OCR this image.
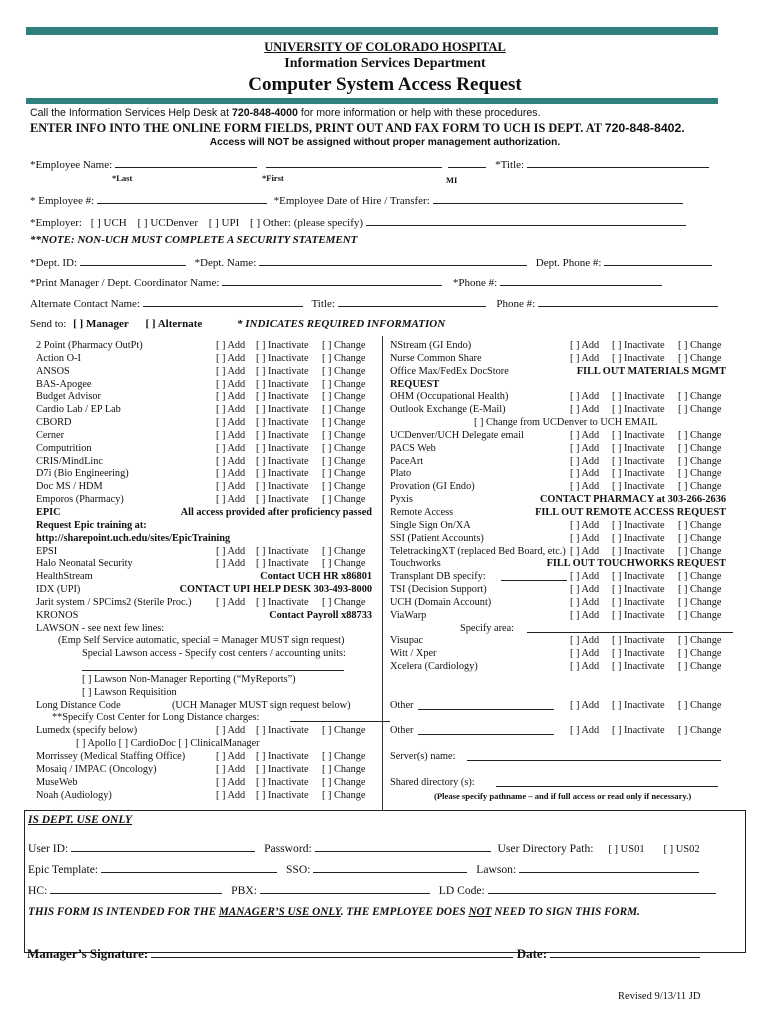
UNIVERSITY OF COLORADO HOSPITAL
Information Services Department
Computer System Access Request
Call the Information Services Help Desk at 720-848-4000 for more information or help with these procedures.
ENTER INFO INTO THE ONLINE FORM FIELDS, PRINT OUT AND FAX FORM TO UCH IS DEPT. AT 720-848-8402.
Access will NOT be assigned without proper management authorization.
*Employee Name:	*Title:
*Last	*First	MI
* Employee #:	*Employee Date of Hire / Transfer:
*Employer: [ ] UCH [ ] UCDenver [ ] UPI [ ] Other: (please specify)
**NOTE: NON-UCH MUST COMPLETE A SECURITY STATEMENT
*Dept. ID:	*Dept. Name:	Dept. Phone #:
*Print Manager / Dept. Coordinator Name:	*Phone #:
Alternate Contact Name:	Title:	Phone #:
Send to: [ ] Manager [ ] Alternate	* INDICATES REQUIRED INFORMATION
2 Point (Pharmacy OutPt)	[ ] Add [ ] Inactivate [ ] Change
Action O-I	[ ] Add [ ] Inactivate [ ] Change
ANSOS	[ ] Add [ ] Inactivate [ ] Change
BAS-Apogee	[ ] Add [ ] Inactivate [ ] Change
Budget Advisor	[ ] Add [ ] Inactivate [ ] Change
Cardio Lab / EP Lab	[ ] Add [ ] Inactivate [ ] Change
CBORD	[ ] Add [ ] Inactivate [ ] Change
Cerner	[ ] Add [ ] Inactivate [ ] Change
Computrition	[ ] Add [ ] Inactivate [ ] Change
CRIS/MindLinc	[ ] Add [ ] Inactivate [ ] Change
D7i (Bio Engineering)	[ ] Add [ ] Inactivate [ ] Change
Doc MS / HDM	[ ] Add [ ] Inactivate [ ] Change
Emporos (Pharmacy)	[ ] Add [ ] Inactivate [ ] Change
EPIC	All access provided after proficiency passed
Request Epic training at:
http://sharepoint.uch.edu/sites/EpicTraining
EPSI	[ ] Add [ ] Inactivate [ ] Change
Halo Neonatal Security	[ ] Add [ ] Inactivate [ ] Change
HealthStream	Contact UCH HR x86801
IDX (UPI)	CONTACT UPI HELP DESK 303-493-8000
Jarit system / SPCims2 (Sterile Proc.) [ ] Add [ ] Inactivate [ ] Change
KRONOS	Contact Payroll x88733
LAWSON - see next few lines:
(Emp Self Service automatic, special = Manager MUST sign request)
Special Lawson access - Specify cost centers / accounting units:
[ ] Lawson Non-Manager Reporting (“MyReports”)
[ ] Lawson Requisition
Long Distance Code	(UCH Manager MUST sign request below)
**Specify Cost Center for Long Distance charges:
Lumedx (specify below)	[ ] Add [ ] Inactivate [ ] Change
[ ] Apollo [ ] CardioDoc [ ] ClinicalManager
Morrissey (Medical Staffing Office)	[ ] Add [ ] Inactivate [ ] Change
Mosaiq / IMPAC (Oncology)	[ ] Add [ ] Inactivate [ ] Change
MuseWeb	[ ] Add [ ] Inactivate [ ] Change
Noah (Audiology)	[ ] Add [ ] Inactivate [ ] Change
NStream (GI Endo)	[ ] Add [ ] Inactivate [ ] Change
Nurse Common Share	[ ] Add [ ] Inactivate [ ] Change
Office Max/FedEx DocStore	FILL OUT MATERIALS MGMT
REQUEST
OHM (Occupational Health)	[ ] Add [ ] Inactivate [ ] Change
Outlook Exchange (E-Mail)	[ ] Add [ ] Inactivate [ ] Change
[ ] Change from UCDenver to UCH EMAIL
UCDenver/UCH Delegate email	[ ] Add [ ] Inactivate [ ] Change
PACS Web	[ ] Add [ ] Inactivate [ ] Change
PaceArt	[ ] Add [ ] Inactivate [ ] Change
Plato	[ ] Add [ ] Inactivate [ ] Change
Provation (GI Endo)	[ ] Add [ ] Inactivate [ ] Change
Pyxis	CONTACT PHARMACY at 303-266-2636
Remote Access	FILL OUT REMOTE ACCESS REQUEST
Single Sign On/XA	[ ] Add [ ] Inactivate [ ] Change
SSI (Patient Accounts)	[ ] Add [ ] Inactivate [ ] Change
TeletrackingXT (replaced Bed Board, etc.) [ ] Add [ ] Inactivate [ ] Change
Touchworks	FILL OUT TOUCHWORKS REQUEST
Transplant DB specify:	[ ] Add [ ] Inactivate [ ] Change
TSI (Decision Support)	[ ] Add [ ] Inactivate [ ] Change
UCH (Domain Account)	[ ] Add [ ] Inactivate [ ] Change
ViaWarp	[ ] Add [ ] Inactivate [ ] Change
Specify area:
Visupac	[ ] Add [ ] Inactivate [ ] Change
Witt / Xper	[ ] Add [ ] Inactivate [ ] Change
Xcelera (Cardiology)	[ ] Add [ ] Inactivate [ ] Change
Other	[ ] Add [ ] Inactivate [ ] Change
Other	[ ] Add [ ] Inactivate [ ] Change
Server(s) name:
Shared directory (s):
(Please specify pathname – and if full access or read only if necessary.)
IS DEPT. USE ONLY
User ID:	Password:	User Directory Path: [ ] US01 [ ] US02
Epic Template:	SSO:	Lawson:
HC:	PBX:	LD Code:
THIS FORM IS INTENDED FOR THE MANAGER’S USE ONLY. THE EMPLOYEE DOES NOT NEED TO SIGN THIS FORM.
Manager’s Signature:	Date:
Revised 9/13/11 JD
